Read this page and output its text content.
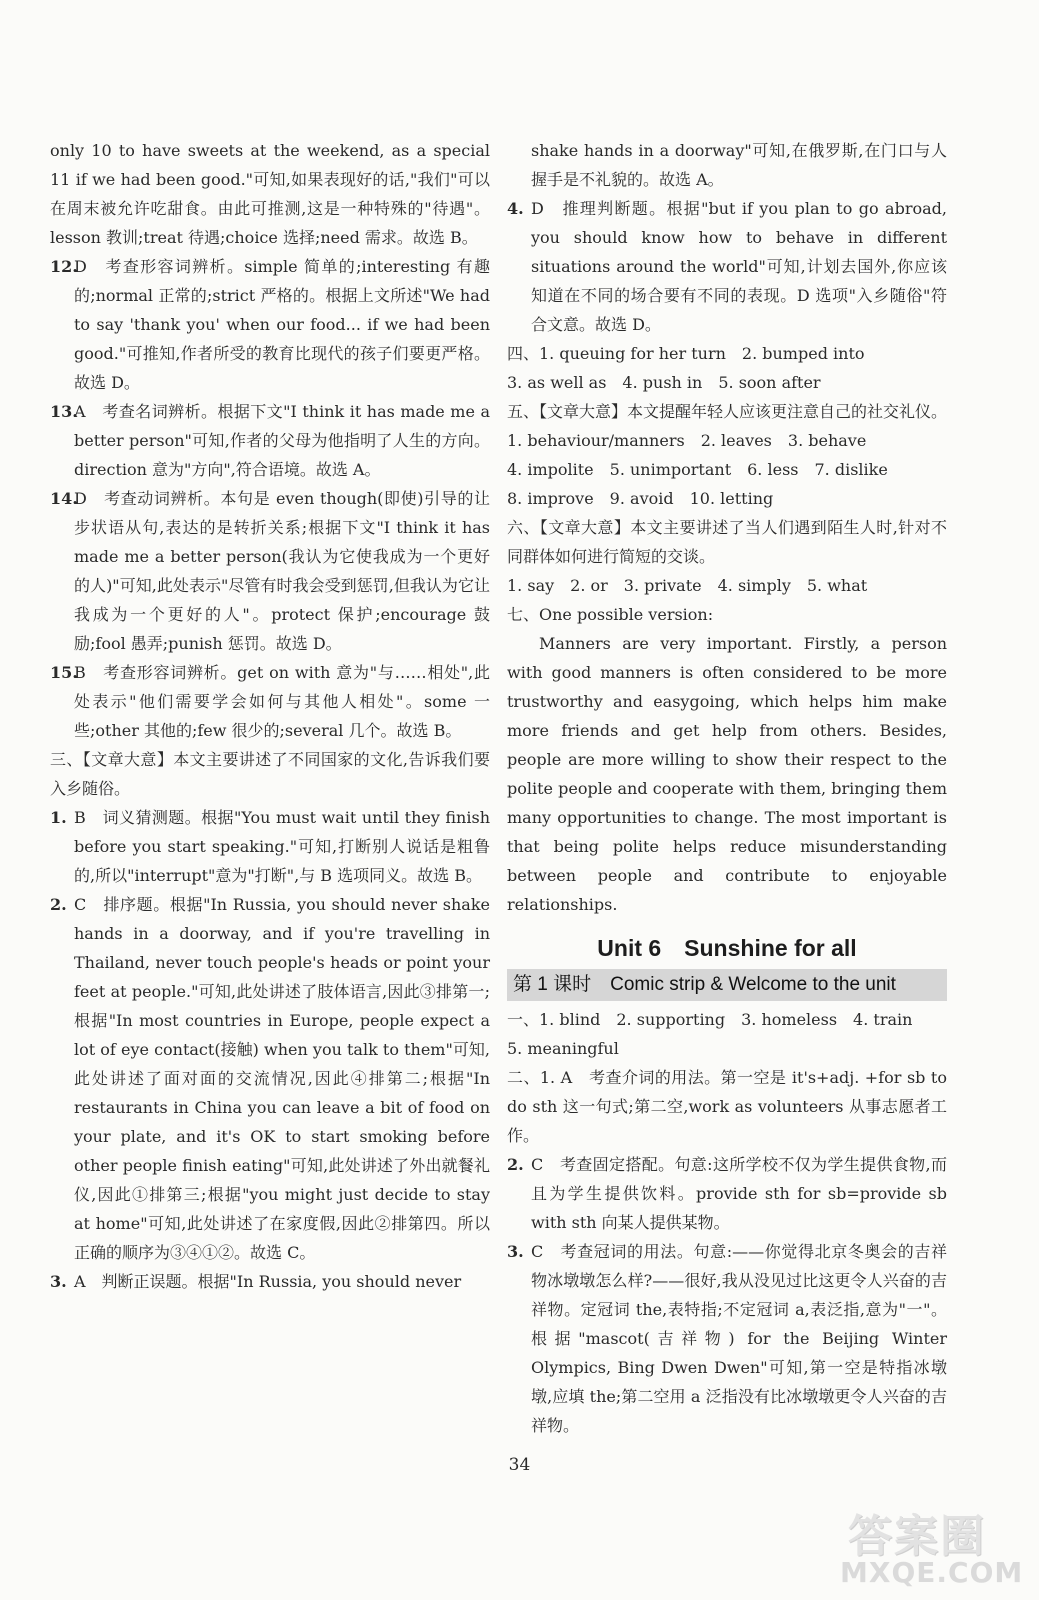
only 10 to have sweets at the weekend, as a special 11 if we had been good."可知,如果表现好的话,"我们"可以在周末被允许吃甜食。由此可推测,这是一种特殊的"待遇"。lesson 教训;treat 待遇;choice 选择;need 需求。故选 B。

12.
D　考查形容词辨析。simple 简单的;interesting 有趣的;normal 正常的;strict 严格的。根据上文所述"We had to say 'thank you' when our food... if we had been good."可推知,作者所受的教育比现代的孩子们要更严格。故选 D。

13.
A　考查名词辨析。根据下文"I think it has made me a better person"可知,作者的父母为他指明了人生的方向。direction 意为"方向",符合语境。故选 A。

14.
D　考查动词辨析。本句是 even though(即使)引导的让步状语从句,表达的是转折关系;根据下文"I think it has made me a better person(我认为它使我成为一个更好的人)"可知,此处表示"尽管有时我会受到惩罚,但我认为它让我成为一个更好的人"。protect 保护;encourage 鼓励;fool 愚弄;punish 惩罚。故选 D。

15.
B　考查形容词辨析。get on with 意为"与……相处",此处表示"他们需要学会如何与其他人相处"。some 一些;other 其他的;few 很少的;several 几个。故选 B。

三、【文章大意】本文主要讲述了不同国家的文化,告诉我们要入乡随俗。

1. B　词义猜测题。根据"You must wait until they finish before you start speaking."可知,打断别人说话是粗鲁的,所以"interrupt"意为"打断",与 B 选项同义。故选 B。

2. C　排序题。根据"In Russia, you should never shake hands in a doorway, and if you're travelling in Thailand, never touch people's heads or point your feet at people."可知,此处讲述了肢体语言,因此③排第一;根据"In most countries in Europe, people expect a lot of eye contact(接触) when you talk to them"可知,此处讲述了面对面的交流情况,因此④排第二;根据"In restaurants in China you can leave a bit of food on your plate, and it's OK to start smoking before other people finish eating"可知,此处讲述了外出就餐礼仪,因此①排第三;根据"you might just decide to stay at home"可知,此处讲述了在家度假,因此②排第四。所以正确的顺序为③④①②。故选 C。

3. A　判断正误题。根据"In Russia, you should never

shake hands in a doorway"可知,在俄罗斯,在门口与人握手是不礼貌的。故选 A。

4. D　推理判断题。根据"but if you plan to go abroad, you should know how to behave in different situations around the world"可知,计划去国外,你应该知道在不同的场合要有不同的表现。D 选项"入乡随俗"符合文意。故选 D。

四、1. queuing for her turn　2. bumped into

3. as well as　4. push in　5. soon after

五、【文章大意】本文提醒年轻人应该更注意自己的社交礼仪。

1. behaviour/manners　2. leaves　3. behave

4. impolite　5. unimportant　6. less　7. dislike

8. improve　9. avoid　10. letting

六、【文章大意】本文主要讲述了当人们遇到陌生人时,针对不同群体如何进行简短的交谈。

1. say　2. or　3. private　4. simply　5. what

七、One possible version:

Manners are very important. Firstly, a person with good manners is often considered to be more trustworthy and easygoing, which helps him make more friends and get help from others. Besides, people are more willing to show their respect to the polite people and cooperate with them, bringing them many opportunities to change. The most important is that being polite helps reduce misunderstanding between people and contribute to enjoyable relationships.

Unit 6　Sunshine for all
第 1 课时　Comic strip & Welcome to the unit

一、1. blind　2. supporting　3. homeless　4. train

5. meaningful

二、1. A　考查介词的用法。第一空是 it's+adj. +for sb to do sth 这一句式;第二空,work as volunteers 从事志愿者工作。

2. C　考查固定搭配。句意:这所学校不仅为学生提供食物,而且为学生提供饮料。provide sth for sb=provide sb with sth 向某人提供某物。

3. C　考查冠词的用法。句意:——你觉得北京冬奥会的吉祥物冰墩墩怎么样?——很好,我从没见过比这更令人兴奋的吉祥物。定冠词 the,表特指;不定冠词 a,表泛指,意为"一"。根据"mascot(吉祥物) for the Beijing Winter Olympics, Bing Dwen Dwen"可知,第一空是特指冰墩墩,应填 the;第二空用 a 泛指没有比冰墩墩更令人兴奋的吉祥物。

34
答案圈
MXQE.COM
